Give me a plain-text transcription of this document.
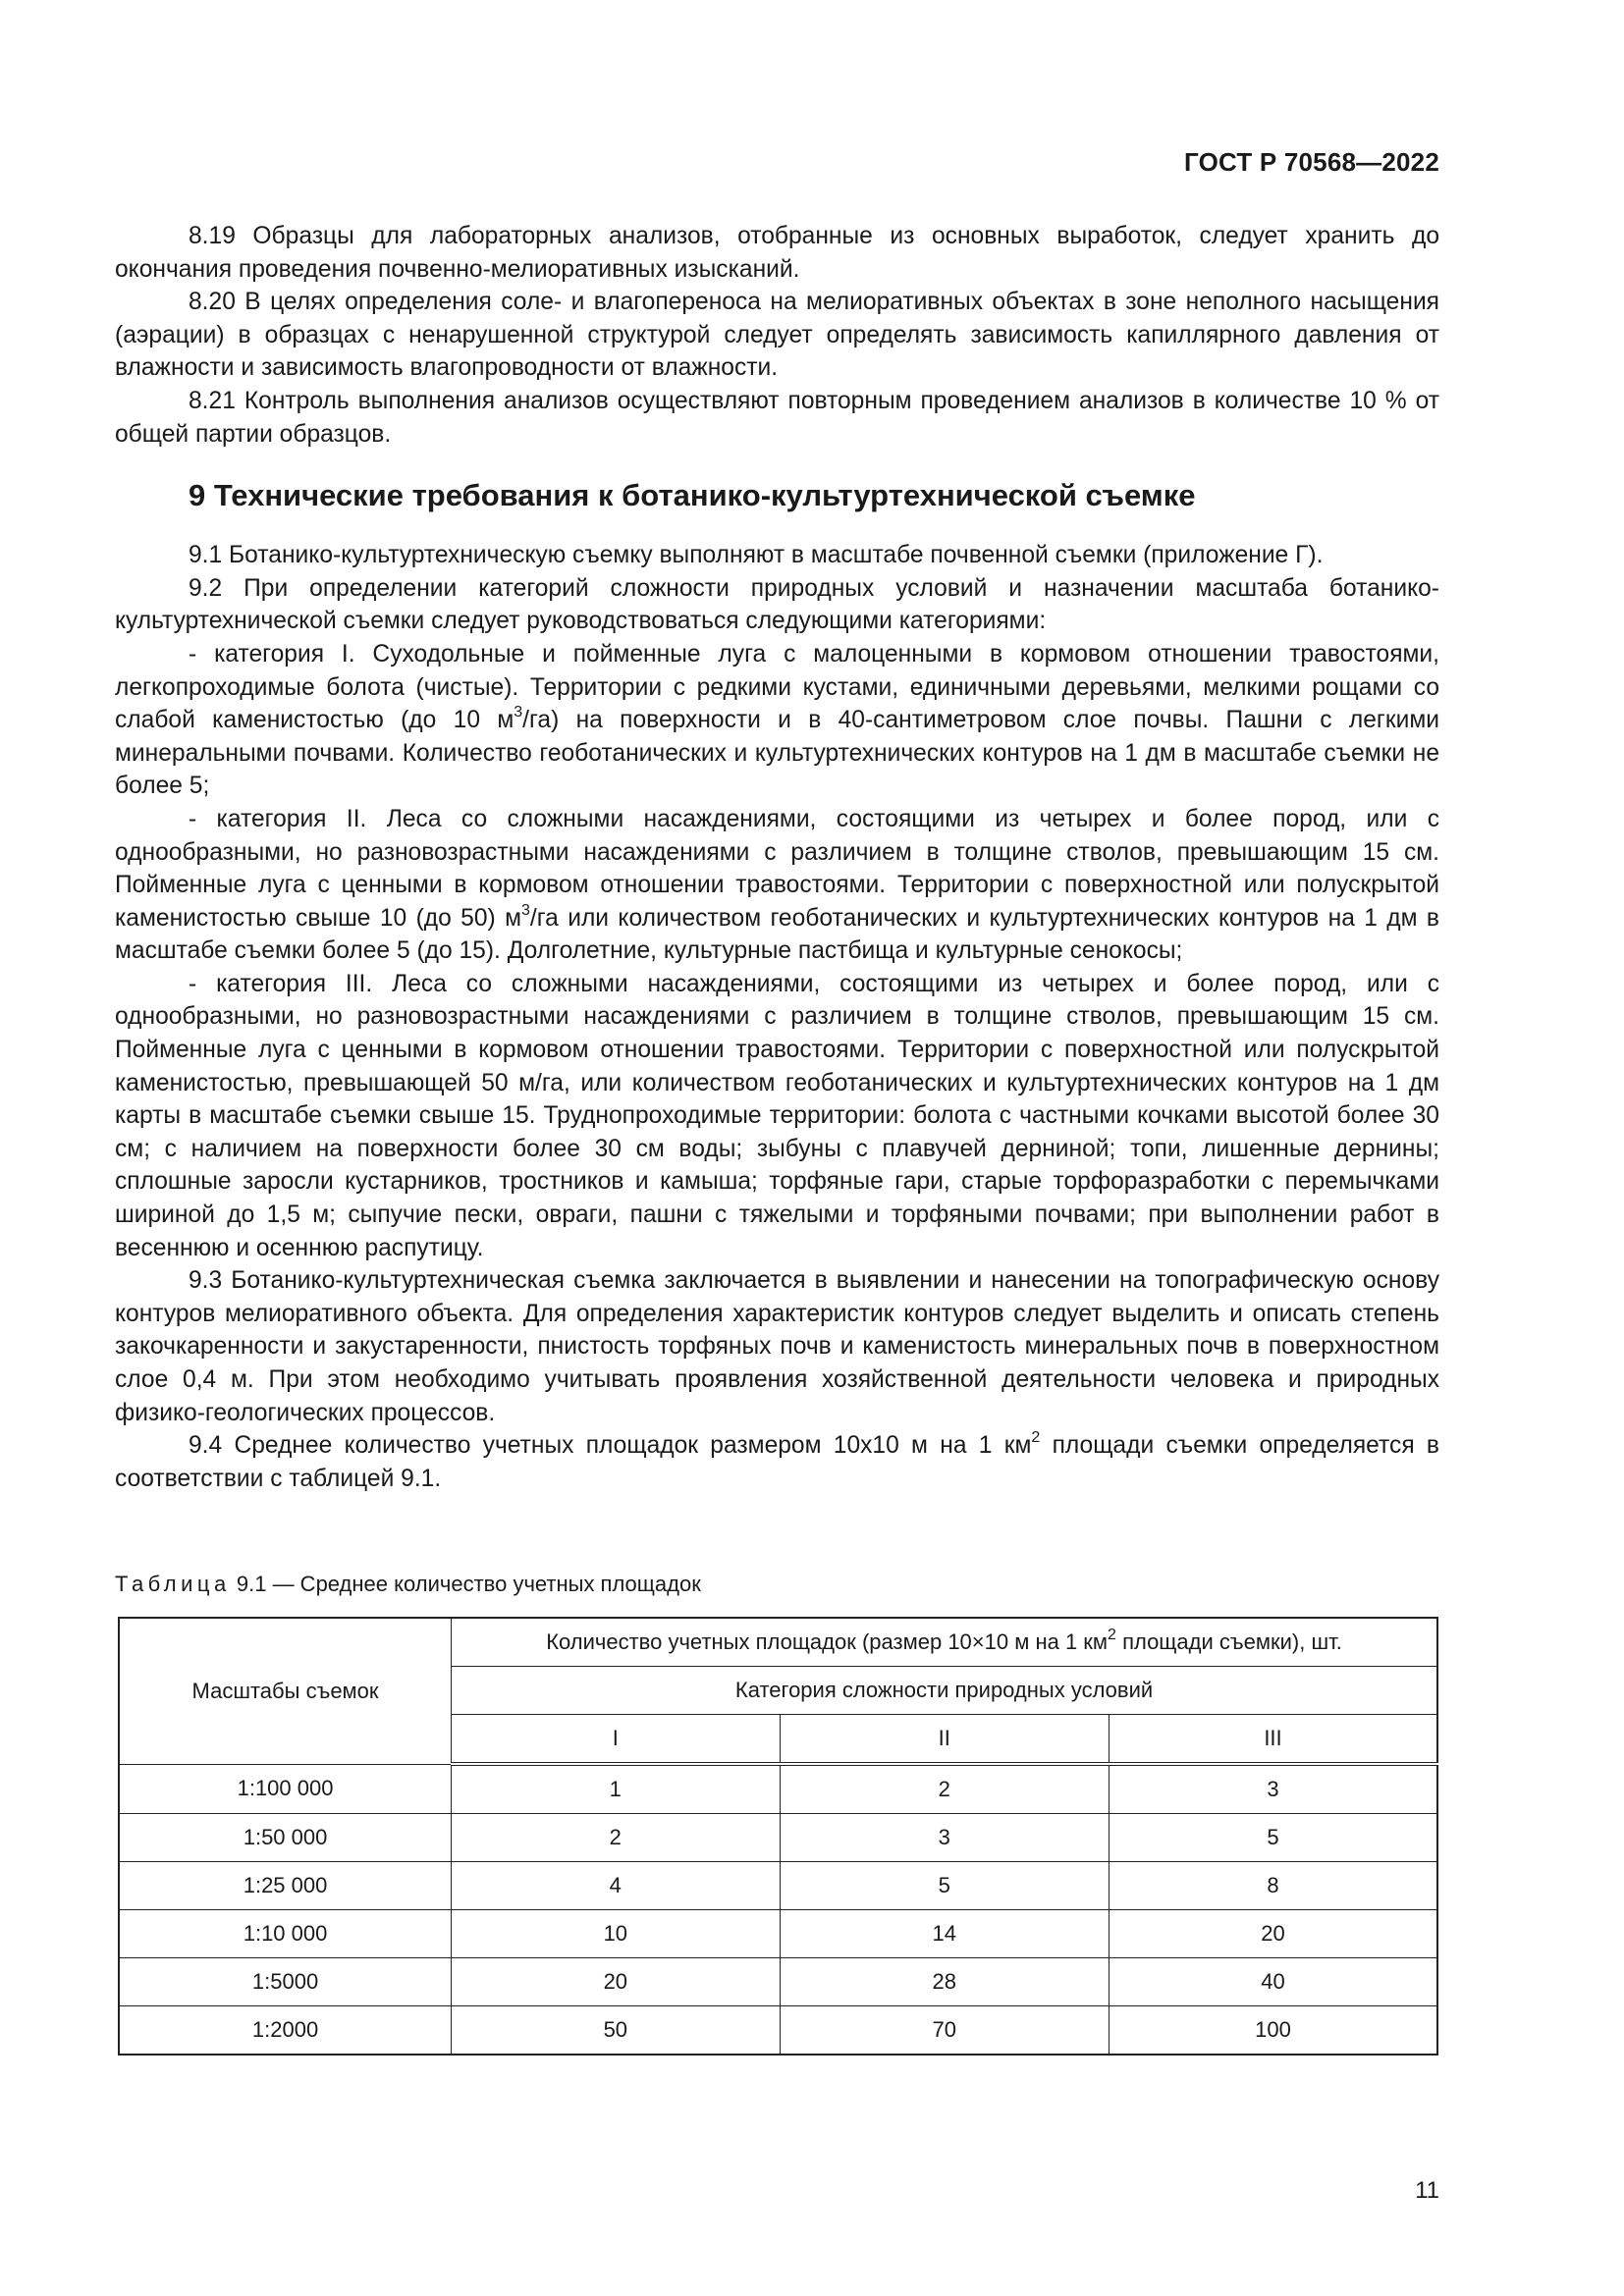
ГОСТ Р 70568—2022

8.19 Образцы для лабораторных анализов, отобранные из основных выработок, следует хранить до окончания проведения почвенно-мелиоративных изысканий.

8.20 В целях определения соле- и влагопереноса на мелиоративных объектах в зоне неполного насыщения (аэрации) в образцах с ненарушенной структурой следует определять зависимость капиллярного давления от влажности и зависимость влагопроводности от влажности.

8.21 Контроль выполнения анализов осуществляют повторным проведением анализов в количестве 10 % от общей партии образцов.

9 Технические требования к ботанико-культуртехнической съемке

9.1 Ботанико-культуртехническую съемку выполняют в масштабе почвенной съемки (приложение Г).

9.2 При определении категорий сложности природных условий и назначении масштаба ботанико-культуртехнической съемки следует руководствоваться следующими категориями:

- категория I. Суходольные и пойменные луга с малоценными в кормовом отношении травостоями, легкопроходимые болота (чистые). Территории с редкими кустами, единичными деревьями, мелкими рощами со слабой каменистостью (до 10 $м^3/га$) на поверхности и в 40-сантиметровом слое почвы. Пашни с легкими минеральными почвами. Количество геоботанических и культуртехнических контуров на 1 дм в масштабе съемки не более 5;

- категория II. Леса со сложными насаждениями, состоящими из четырех и более пород, или с однообразными, но разновозрастными насаждениями с различием в толщине стволов, превышающим 15 см. Пойменные луга с ценными в кормовом отношении травостоями. Территории с поверхностной или полускрытой каменистостью свыше 10 (до 50) $м^3/га$ или количеством геоботанических и культуртехнических контуров на 1 дм в масштабе съемки более 5 (до 15). Долголетние, культурные пастбища и культурные сенокосы;

- категория III. Леса со сложными насаждениями, состоящими из четырех и более пород, или с однообразными, но разновозрастными насаждениями с различием в толщине стволов, превышающим 15 см. Пойменные луга с ценными в кормовом отношении травостоями. Территории с поверхностной или полускрытой каменистостью, превышающей 50 м/га, или количеством геоботанических и культуртехнических контуров на 1 дм карты в масштабе съемки свыше 15. Труднопроходимые территории: болота с частными кочками высотой более 30 см; с наличием на поверхности более 30 см воды; зыбуны с плавучей дерниной; топи, лишенные дернины; сплошные заросли кустарников, тростников и камыша; торфяные гари, старые торфоразработки с перемычками шириной до 1,5 м; сыпучие пески, овраги, пашни с тяжелыми и торфяными почвами; при выполнении работ в весеннюю и осеннюю распутицу.

9.3 Ботанико-культуртехническая съемка заключается в выявлении и нанесении на топографическую основу контуров мелиоративного объекта. Для определения характеристик контуров следует выделить и описать степень закочкаренности и закустаренности, пнистость торфяных почв и каменистость минеральных почв в поверхностном слое 0,4 м. При этом необходимо учитывать проявления хозяйственной деятельности человека и природных физико-геологических процессов.

9.4 Среднее количество учетных площадок размером 10х10 м на 1 $км^2$ площади съемки определяется в соответствии с таблицей 9.1.

Таблица 9.1 — Среднее количество учетных площадок
Масштабы съемок	Количество учетных площадок (размер 10×10 м на 1 $км^2$ площади съемки), шт.		
	Категория сложности природных условий		
	I	II	III
1:100 000	1	2	3
1:50 000	2	3	5
1:25 000	4	5	8
1:10 000	10	14	20
1:5000	20	28	40
1:2000	50	70	100
11
